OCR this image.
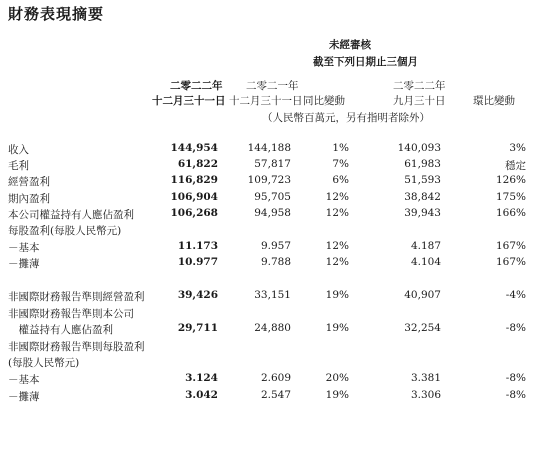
財務表現摘要
未經審核
截至下列日期止三個月
二零二二年
十二月三十一日
二零二一年
十二月三十一日 同比變動
二零二二年
九月三十日	環比變動
（人民幣百萬元，另有指明者除外）
收入	144,954	144,188	1%	140,093	3%
毛利	61,822	57,817	7%	61,983	穩定
經營盈利	116,829	109,723	6%	51,593	126%
期內盈利	106,904	95,705	12%	38,842	175%
本公司權益持有人應佔盈利	106,268	94,958	12%	39,943	166%
每股盈利(每股人民幣元)
－基本	11.173	9.957	12%	4.187	167%
－攤薄	10.977	9.788	12%	4.104	167%
非國際財務報告準則經營盈利	39,426	33,151	19%	40,907	-4%
非國際財務報告準則本公司
　權益持有人應佔盈利	29,711	24,880	19%	32,254	-8%
非國際財務報告準則每股盈利
(每股人民幣元)
－基本	3.124	2.609	20%	3.381	-8%
－攤薄	3.042	2.547	19%	3.306	-8%
